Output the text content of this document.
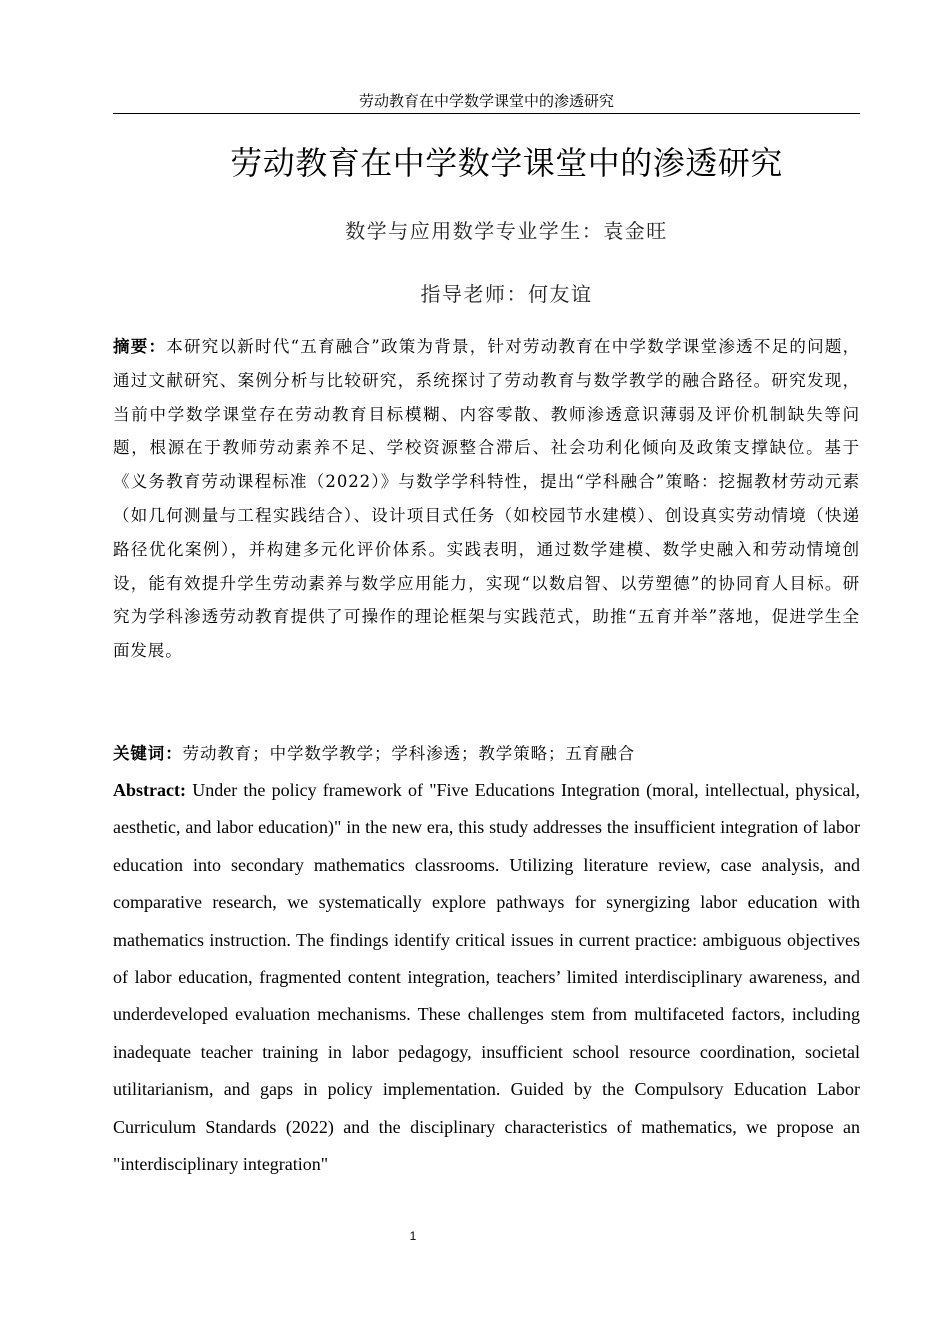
劳动教育在中学数学课堂中的渗透研究
劳动教育在中学数学课堂中的渗透研究
数学与应用数学专业学生：袁金旺
指导老师：何友谊
摘要：本研究以新时代“五育融合”政策为背景，针对劳动教育在中学数学课堂渗透不足的问题，通过文献研究、案例分析与比较研究，系统探讨了劳动教育与数学教学的融合路径。研究发现，当前中学数学课堂存在劳动教育目标模糊、内容零散、教师渗透意识薄弱及评价机制缺失等问题，根源在于教师劳动素养不足、学校资源整合滞后、社会功利化倾向及政策支撑缺位。基于《义务教育劳动课程标准（2022）》与数学学科特性，提出“学科融合”策略：挖掘教材劳动元素（如几何测量与工程实践结合）、设计项目式任务（如校园节水建模）、创设真实劳动情境（快递路径优化案例），并构建多元化评价体系。实践表明，通过数学建模、数学史融入和劳动情境创设，能有效提升学生劳动素养与数学应用能力，实现“以数启智、以劳塑德”的协同育人目标。研究为学科渗透劳动教育提供了可操作的理论框架与实践范式，助推“五育并举”落地，促进学生全面发展。
关键词：劳动教育；中学数学教学；学科渗透；教学策略；五育融合
Abstract: Under the policy framework of "Five Educations Integration (moral, intellectual, physical, aesthetic, and labor education)" in the new era, this study addresses the insufficient integration of labor education into secondary mathematics classrooms. Utilizing literature review, case analysis, and comparative research, we systematically explore pathways for synergizing labor education with mathematics instruction. The findings identify critical issues in current practice: ambiguous objectives of labor education, fragmented content integration, teachers’ limited interdisciplinary awareness, and underdeveloped evaluation mechanisms. These challenges stem from multifaceted factors, including inadequate teacher training in labor pedagogy, insufficient school resource coordination, societal utilitarianism, and gaps in policy implementation. Guided by the Compulsory Education Labor Curriculum Standards (2022) and the disciplinary characteristics of mathematics, we propose an "interdisciplinary integration"
1
